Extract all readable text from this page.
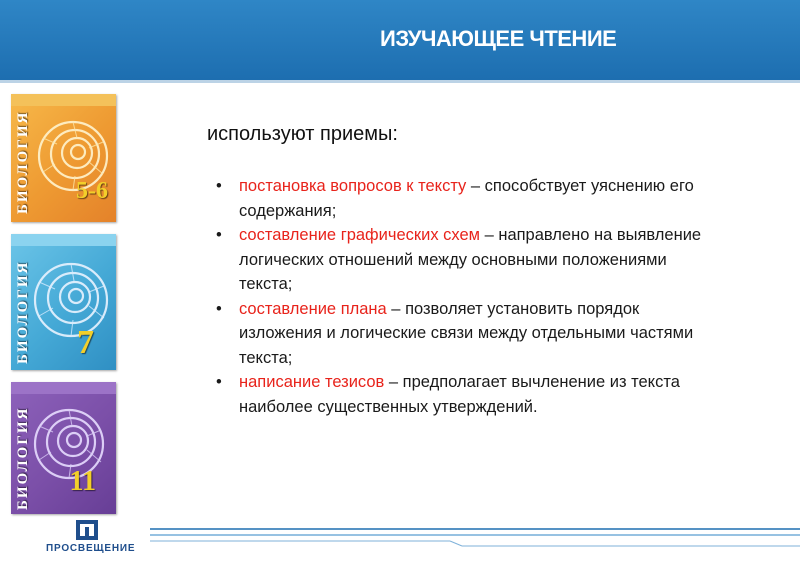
ИЗУЧАЮЩЕЕ ЧТЕНИЕ
БИОЛОГИЯ 5-6
БИОЛОГИЯ 7
БИОЛОГИЯ 11
используют приемы:
• постановка вопросов к тексту – способствует уяснению его содержания;
• составление графических схем – направлено на выявление логических отношений между основными положениями текста;
• составление плана – позволяет установить порядок изложения и логические связи между отдельными частями текста;
• написание тезисов – предполагает вычленение из текста наиболее существенных утверждений.
ПРОСВЕЩЕНИЕ
